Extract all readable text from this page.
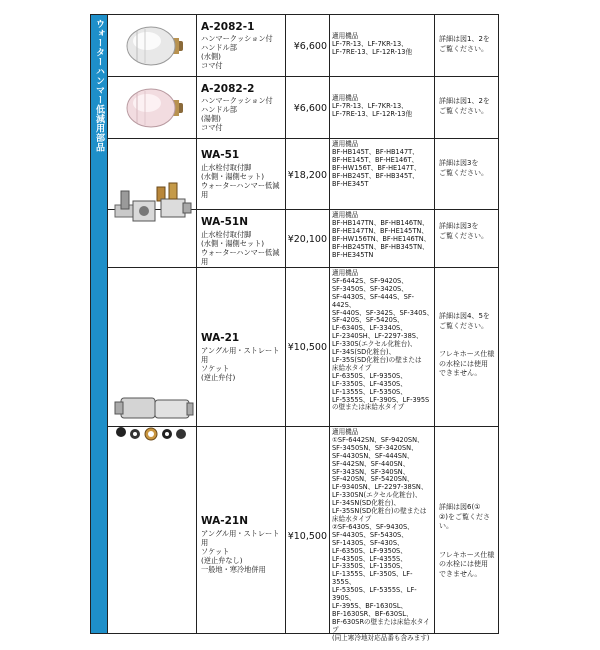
ウォーターハンマー低減用部品	A-2082-1
ハンマークッション付
ハンドル部
(水側)
コマ付
¥6,600
適用機品
LF-7R-13、LF-7KR-13、
LF-7RE-13、LF-12R-13他
詳細は図1、2を
ご覧ください。
A-2082-2
ハンマークッション付
ハンドル部
(湯側)
コマ付
¥6,600
適用機品
LF-7R-13、LF-7KR-13、
LF-7RE-13、LF-12R-13他
詳細は図1、2を
ご覧ください。
WA-51
止水栓付取付脚
(水側・湯側セット)
ウォーターハンマー低減用
¥18,200
適用機品
BF-HB145T、BF-HB147T、
BF-HE145T、BF-HE146T、
BF-HW156T、BF-HE147T、
BF-HB245T、BF-HB345T、
BF-HE345T
詳細は図3を
ご覧ください。
WA-51N
止水栓付取付脚
(水側・湯側セット)
ウォーターハンマー低減用
¥20,100
適用機品
BF-HB147TN、BF-HB146TN、
BF-HE147TN、BF-HE145TN、
BF-HW156TN、BF-HE146TN、
BF-HB245TN、BF-HB345TN、
BF-HE345TN
詳細は図3を
ご覧ください。
WA-21
アングル用・ストレート用
ソケット
(逆止弁付)
¥10,500
適用機品
SF-6442S、SF-9420S、
SF-3450S、SF-3420S、
SF-4430S、SF-444S、SF-442S、
SF-440S、SF-342S、SF-340S、
SF-420S、SF-5420S、
LF-6340S、LF-3340S、
LF-2340SH、LF-2297-38S、
LF-330S(エクセル化粧台)、
LF-34S(SD化粧台)、
LF-35S(SD化粧台)の壁または
床給水タイプ
LF-6350S、LF-9350S、
LF-3350S、LF-4350S、
LF-1355S、LF-5350S、
LF-5355S、LF-390S、LF-395S
の壁または床給水タイプ
詳細は図4、5を
ご覧ください。

フレキホース仕様
の水栓には使用
できません。
WA-21N
アングル用・ストレート用
ソケット
(逆止弁なし)
一般地・寒冷地併用
¥10,500
適用機品
①SF-6442SN、SF-9420SN、
SF-3450SN、SF-3420SN、
SF-4430SN、SF-444SN、
SF-442SN、SF-440SN、
SF-343SN、SF-340SN、
SF-420SN、SF-5420SN、
LF-9340SN、LF-2297-38SN、
LF-330SN(エクセル化粧台)、
LF-34SN(SD化粧台)、
LF-35SN(SD化粧台)の壁または
床給水タイプ
②SF-6430S、SF-9430S、
SF-4430S、SF-5430S、
SF-1430S、SF-430S、
LF-6350S、LF-9350S、
LF-4350S、LF-4355S、
LF-3350S、LF-1350S、
LF-1355S、LF-350S、LF-355S、
LF-5350S、LF-5355S、LF-390S、
LF-395S、BF-1630SL、
BF-1630SR、BF-630SL、
BF-630SRの壁または床給水タイプ
(同上寒冷地対応品番も含みます)
詳細は図6(①
②)をご覧くださ
い。

フレキホース仕様
の水栓には使用
できません。
